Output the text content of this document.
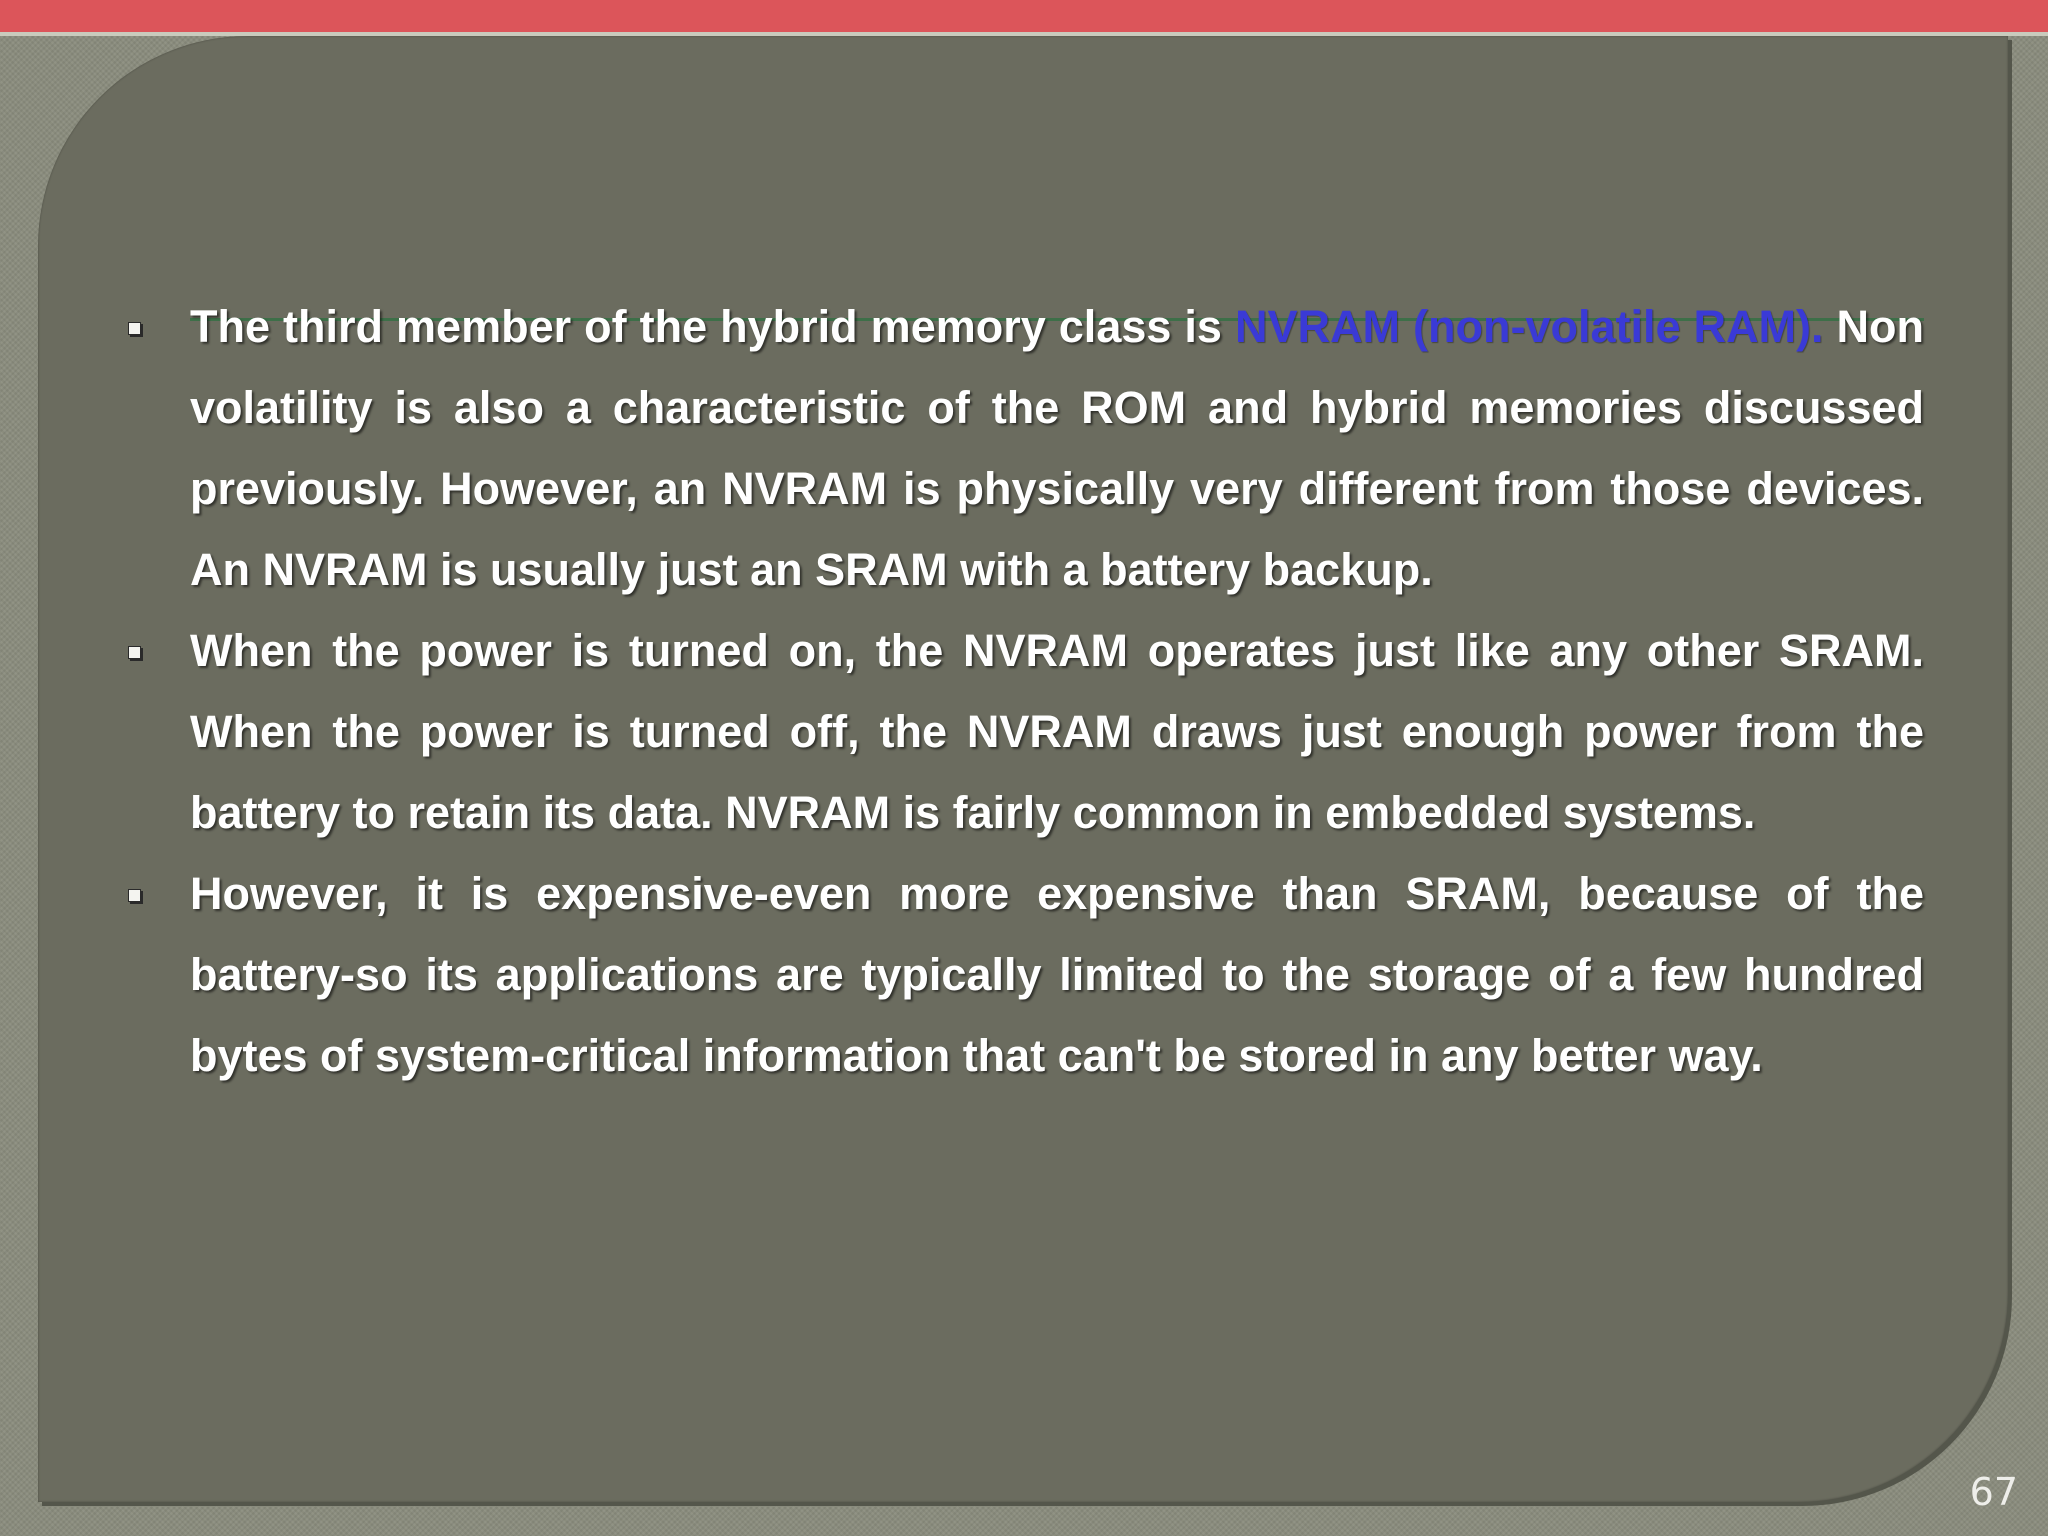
The third member of the hybrid memory class is NVRAM (non-volatile RAM). Non volatility is also a characteristic of the ROM and hybrid memories discussed previously. However, an NVRAM is physically very different from those devices. An NVRAM is usually just an SRAM with a battery backup.
When the power is turned on, the NVRAM operates just like any other SRAM. When the power is turned off, the NVRAM draws just enough power from the battery to retain its data. NVRAM is fairly common in embedded systems.
However, it is expensive-even more expensive than SRAM, because of the battery-so its applications are typically limited to the storage of a few hundred bytes of system-critical information that can't be stored in any better way.
67
